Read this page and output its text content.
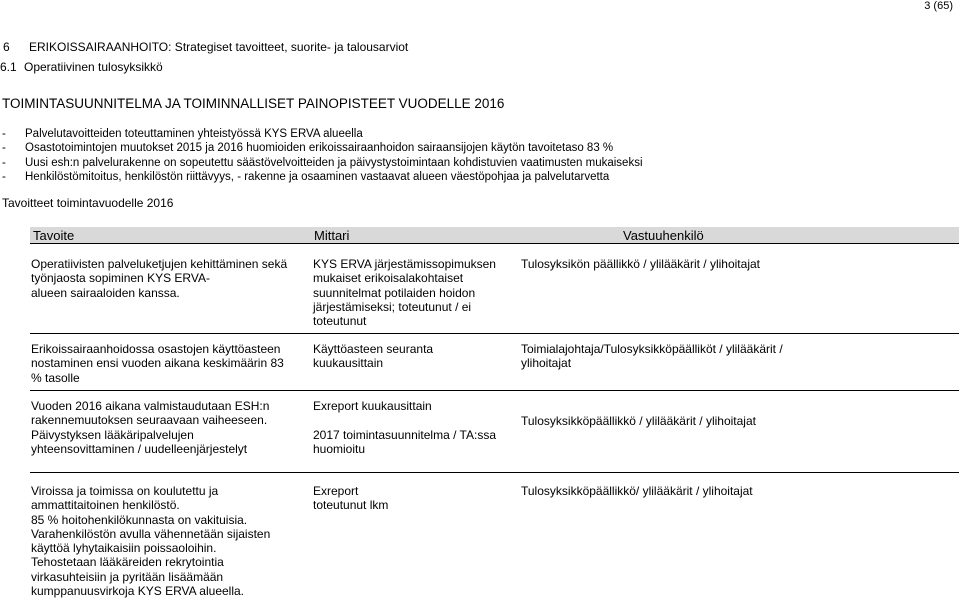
3 (65)
6 ERIKOISSAIRAANHOITO: Strategiset tavoitteet, suorite- ja talousarviot
6.1 Operatiivinen tulosyksikkö
TOIMINTASUUNNITELMA JA TOIMINNALLISET PAINOPISTEET VUODELLE 2016
- Palvelutavoitteiden toteuttaminen yhteistyössä KYS ERVA alueella
- Osastotoimintojen muutokset 2015 ja 2016 huomioiden erikoissairaanhoidon sairaansijojen käytön tavoitetaso 83 %
- Uusi esh:n palvelurakenne on sopeutettu säästövelvoitteiden ja päivystystoimintaan kohdistuvien vaatimusten mukaiseksi
- Henkilöstömitoitus, henkilöstön riittävyys, - rakenne ja osaaminen vastaavat alueen väestöpohjaa ja palvelutarvetta
Tavoitteet toimintavuodelle 2016
Tavoite	Mittari	Vastuuhenkilö
Operatiivisten palveluketjujen kehittäminen sekä
työnjaosta sopiminen KYS ERVA-
alueen sairaaloiden kanssa.
KYS ERVA järjestämissopimuksen
mukaiset erikoisalakohtaiset
suunnitelmat potilaiden hoidon
järjestämiseksi; toteutunut / ei
toteutunut
Tulosyksikön päällikkö / ylilääkärit / ylihoitajat
Erikoissairaanhoidossa osastojen käyttöasteen
nostaminen ensi vuoden aikana keskimäärin 83
% tasolle
Käyttöasteen seuranta
kuukausittain
Toimialajohtaja/Tulosyksikköpäälliköt / ylilääkärit /
ylihoitajat
Vuoden 2016 aikana valmistaudutaan ESH:n
rakennemuutoksen seuraavaan vaiheeseen.
Päivystyksen lääkäripalvelujen
yhteensovittaminen / uudelleenjärjestelyt
Exreport kuukausittain
2017 toimintasuunnitelma / TA:ssa
huomioitu
Tulosyksikköpäällikkö / ylilääkärit / ylihoitajat
Viroissa ja toimissa on koulutettu ja
ammattitaitoinen henkilöstö.
85 % hoitohenkilökunnasta on vakituisia.
Varahenkilöstön avulla vähennetään sijaisten
käyttöä lyhytaikaisiin poissaoloihin.
Tehostetaan lääkäreiden rekrytointia
virkasuhteisiin ja pyritään lisäämään
kumppanuusvirkoja KYS ERVA alueella.
Exreport
toteutunut lkm
Tulosyksikköpäällikkö/ ylilääkärit / ylihoitajat
